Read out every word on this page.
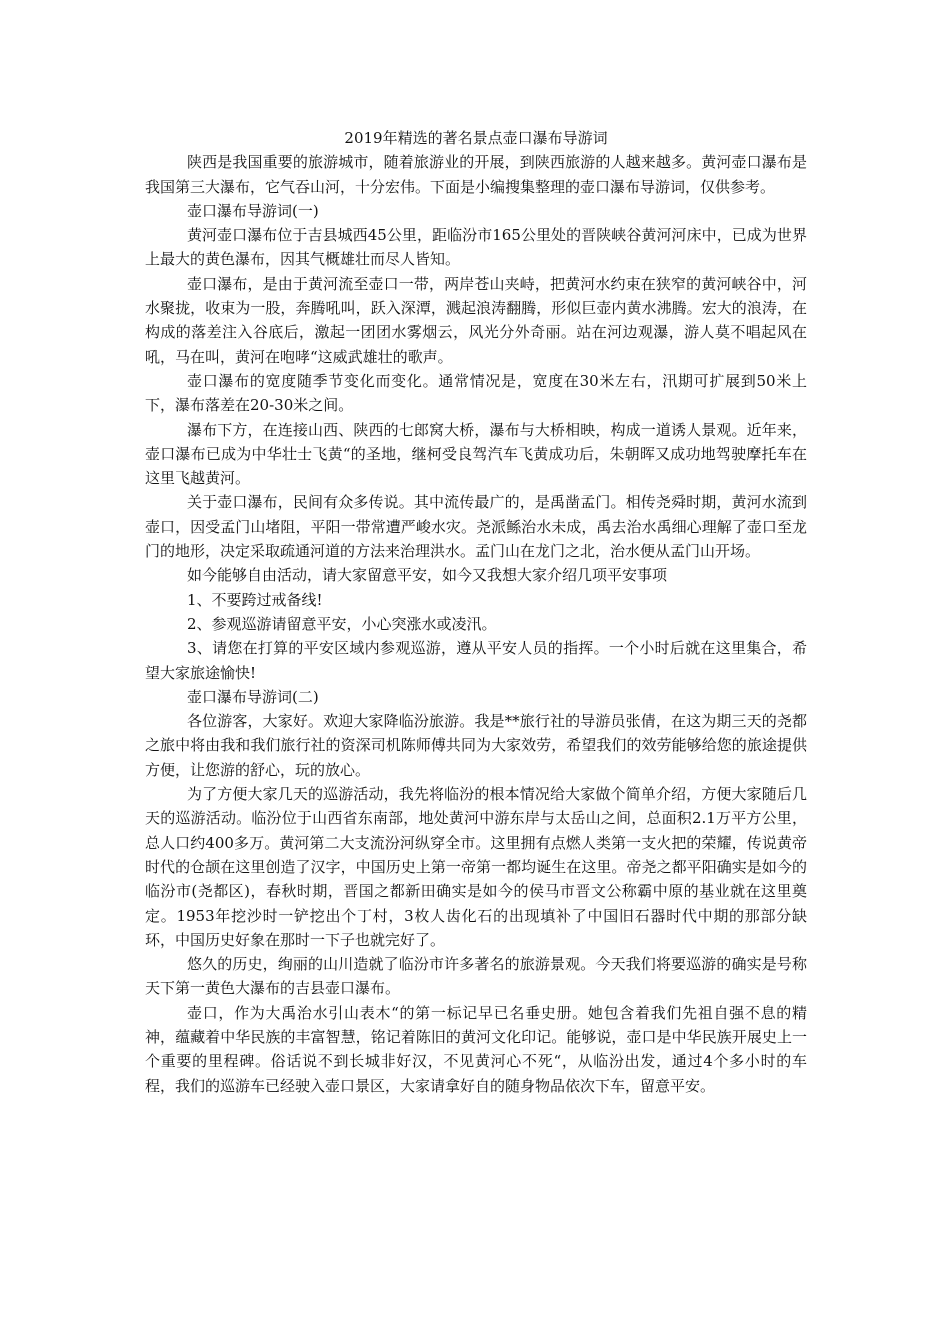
2019年精选的著名景点壶口瀑布导游词

陕西是我国重要的旅游城市，随着旅游业的开展，到陕西旅游的人越来越多。黄河壶口瀑布是我国第三大瀑布，它气吞山河，十分宏伟。下面是小编搜集整理的壶口瀑布导游词，仅供参考。

壶口瀑布导游词(一)

黄河壶口瀑布位于吉县城西45公里，距临汾市165公里处的晋陕峡谷黄河河床中，已成为世界上最大的黄色瀑布，因其气概雄壮而尽人皆知。

壶口瀑布，是由于黄河流至壶口一带，两岸苍山夹峙，把黄河水约束在狭窄的黄河峡谷中，河水聚拢，收束为一股，奔腾吼叫，跃入深潭，溅起浪涛翻腾，形似巨壶内黄水沸腾。宏大的浪涛，在构成的落差注入谷底后，激起一团团水雾烟云，风光分外奇丽。站在河边观瀑，游人莫不唱起风在吼，马在叫，黄河在咆哮“这威武雄壮的歌声。

壶口瀑布的宽度随季节变化而变化。通常情况是，宽度在30米左右，汛期可扩展到50米上下，瀑布落差在20-30米之间。

瀑布下方，在连接山西、陕西的七郎窝大桥，瀑布与大桥相映，构成一道诱人景观。近年来，壶口瀑布已成为中华壮士飞黄“的圣地，继柯受良驾汽车飞黄成功后，朱朝晖又成功地驾驶摩托车在这里飞越黄河。

关于壶口瀑布，民间有众多传说。其中流传最广的，是禹凿孟门。相传尧舜时期，黄河水流到壶口，因受孟门山堵阻，平阳一带常遭严峻水灾。尧派鲧治水未成，禹去治水禹细心理解了壶口至龙门的地形，决定采取疏通河道的方法来治理洪水。孟门山在龙门之北，治水便从孟门山开场。

如今能够自由活动，请大家留意平安，如今又我想大家介绍几项平安事项

1、不要跨过戒备线!

2、参观巡游请留意平安，小心突涨水或凌汛。

3、请您在打算的平安区域内参观巡游，遵从平安人员的指挥。一个小时后就在这里集合，希望大家旅途愉快!

壶口瀑布导游词(二)

各位游客，大家好。欢迎大家降临汾旅游。我是**旅行社的导游员张倩，在这为期三天的尧都之旅中将由我和我们旅行社的资深司机陈师傅共同为大家效劳，希望我们的效劳能够给您的旅途提供方便，让您游的舒心，玩的放心。

为了方便大家几天的巡游活动，我先将临汾的根本情况给大家做个简单介绍，方便大家随后几天的巡游活动。临汾位于山西省东南部，地处黄河中游东岸与太岳山之间，总面积2.1万平方公里，总人口约400多万。黄河第二大支流汾河纵穿全市。这里拥有点燃人类第一支火把的荣耀，传说黄帝时代的仓颉在这里创造了汉字，中国历史上第一帝第一都均诞生在这里。帝尧之都平阳确实是如今的临汾市(尧都区)，春秋时期，晋国之都新田确实是如今的侯马市晋文公称霸中原的基业就在这里奠定。1953年挖沙时一铲挖出个丁村，3枚人齿化石的出现填补了中国旧石器时代中期的那部分缺环，中国历史好象在那时一下子也就完好了。

悠久的历史，绚丽的山川造就了临汾市许多著名的旅游景观。今天我们将要巡游的确实是号称天下第一黄色大瀑布的吉县壶口瀑布。

壶口，作为大禹治水引山表木“的第一标记早已名垂史册。她包含着我们先祖自强不息的精神，蕴藏着中华民族的丰富智慧，铭记着陈旧的黄河文化印记。能够说，壶口是中华民族开展史上一个重要的里程碑。俗话说不到长城非好汉，不见黄河心不死“，从临汾出发，通过4个多小时的车程，我们的巡游车已经驶入壶口景区，大家请拿好自的随身物品依次下车，留意平安。
